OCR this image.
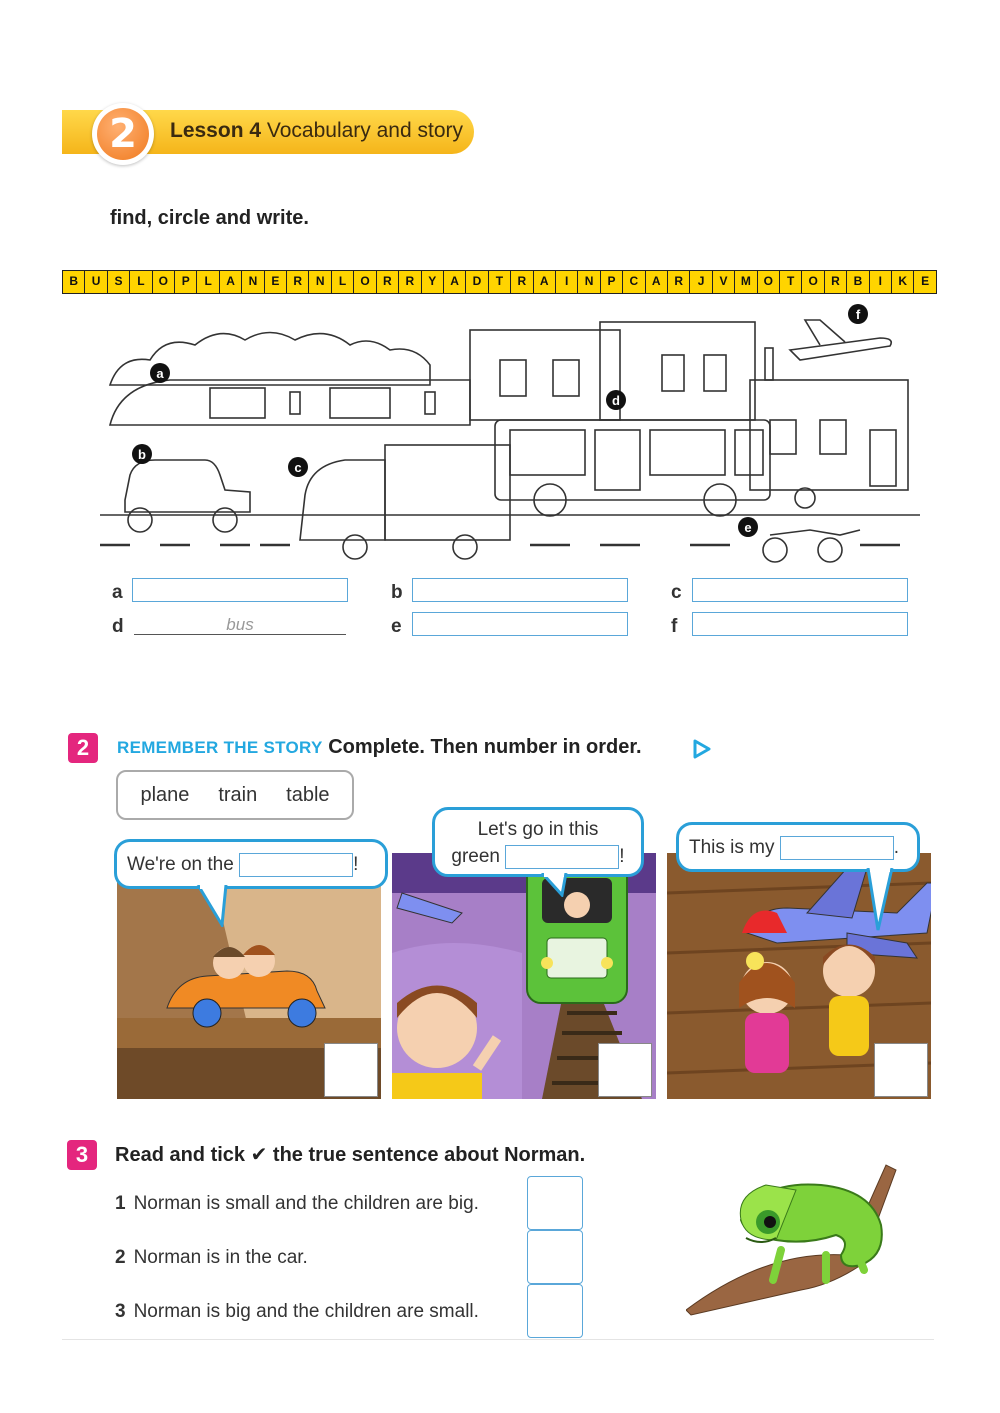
2	Lesson 4 Vocabulary and story
find, circle and write.
B	U	S	L	O	P	L	A	N	E	R	N	L	O	R	R	Y	A	D	T	R	A	I	N	P	C	A	R	J	V	M	O	T	O	R	B	I	K	E
a
b
c
d
e
f
a	b	c
d	bus	e	f
2	REMEMBER THE STORY Complete. Then number in order.
plane train table
We're on the	!
Let's go in this
green	!	This is my	.
3	Read and tick ✔ the true sentence about Norman.
1 Norman is small and the children are big.
2 Norman is in the car.
3 Norman is big and the children are small.
